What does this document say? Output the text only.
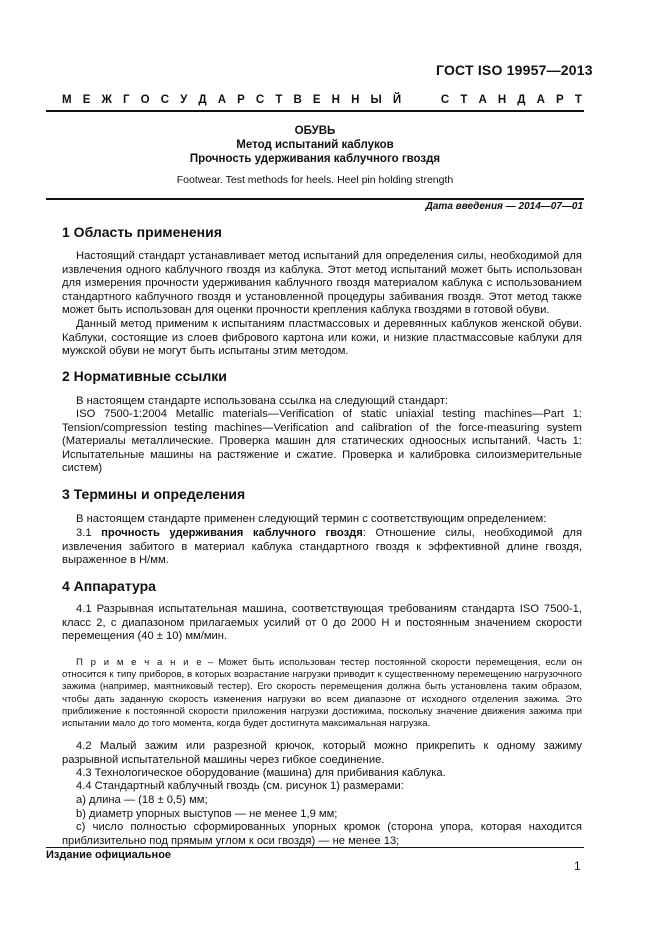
ГОСТ ISO 19957—2013
М Е Ж Г О С У Д А Р С Т В Е Н Н Ы Й

	С Т А Н Д А Р Т
ОБУВЬ
Метод испытаний каблуков
Прочность удерживания каблучного гвоздя
Footwear. Test methods for heels. Heel pin holding strength
Дата введения — 2014—07—01
1 Область применения
Настоящий стандарт устанавливает метод испытаний для определения силы, необходимой для извлечения одного каблучного гвоздя из каблука. Этот метод испытаний может быть использован для измерения прочности удерживания каблучного гвоздя материалом каблука с использованием стандартного каблучного гвоздя и установленной процедуры забивания гвоздя. Этот метод также может быть использован для оценки прочности крепления каблука гвоздями в готовой обуви.
Данный метод применим к испытаниям пластмассовых и деревянных каблуков женской обуви. Каблуки, состоящие из слоев фибрового картона или кожи, и низкие пластмассовые каблуки для мужской обуви не могут быть испытаны этим методом.
2 Нормативные ссылки
В настоящем стандарте использована ссылка на следующий стандарт:
ISO 7500-1:2004 Metallic materials—Verification of static uniaxial testing machines—Part 1: Tension/compression testing machines—Verification and calibration of the force-measuring system (Материалы металлические. Проверка машин для статических одноосных испытаний. Часть 1: Испытательные машины на растяжение и сжатие. Проверка и калибровка силоизмерительные систем)
3 Термины и определения
В настоящем стандарте применен следующий термин с соответствующим определением:
3.1 прочность удерживания каблучного гвоздя: Отношение силы, необходимой для извлечения забитого в материал каблука стандартного гвоздя к эффективной длине гвоздя, выраженное в Н/мм.
4 Аппаратура
4.1 Разрывная испытательная машина, соответствующая требованиям стандарта ISO 7500-1, класс 2, с диапазоном прилагаемых усилий от 0 до 2000 Н и постоянным значением скорости перемещения (40 ± 10) мм/мин.
П р и м е ч а н и е – Может быть использован тестер постоянной скорости перемещения, если он относится к типу приборов, в которых возрастание нагрузки приводит к существенному перемещению нагрузочного зажима (например, маятниковый тестер). Его скорость перемещения должна быть установлена таким образом, чтобы дать заданную скорость изменения нагрузки во всем диапазоне от исходного отделения зажима. Это приближение к постоянной скорости приложения нагрузки достижима, поскольку значение движения зажима при испытании мало до того момента, когда будет достигнута максимальная нагрузка.
4.2 Малый зажим или разрезной крючок, который можно прикрепить к одному зажиму разрывной испытательной машины через гибкое соединение.
4.3 Технологическое оборудование (машина) для прибивания каблука.
4.4 Стандартный каблучный гвоздь (см. рисунок 1) размерами:
а) длина — (18 ± 0,5) мм;
b) диаметр упорных выступов — не менее 1,9 мм;
c) число полностью сформированных упорных кромок (сторона упора, которая находится приблизительно под прямым углом к оси гвоздя) — не менее 13;
Издание официальное
1
